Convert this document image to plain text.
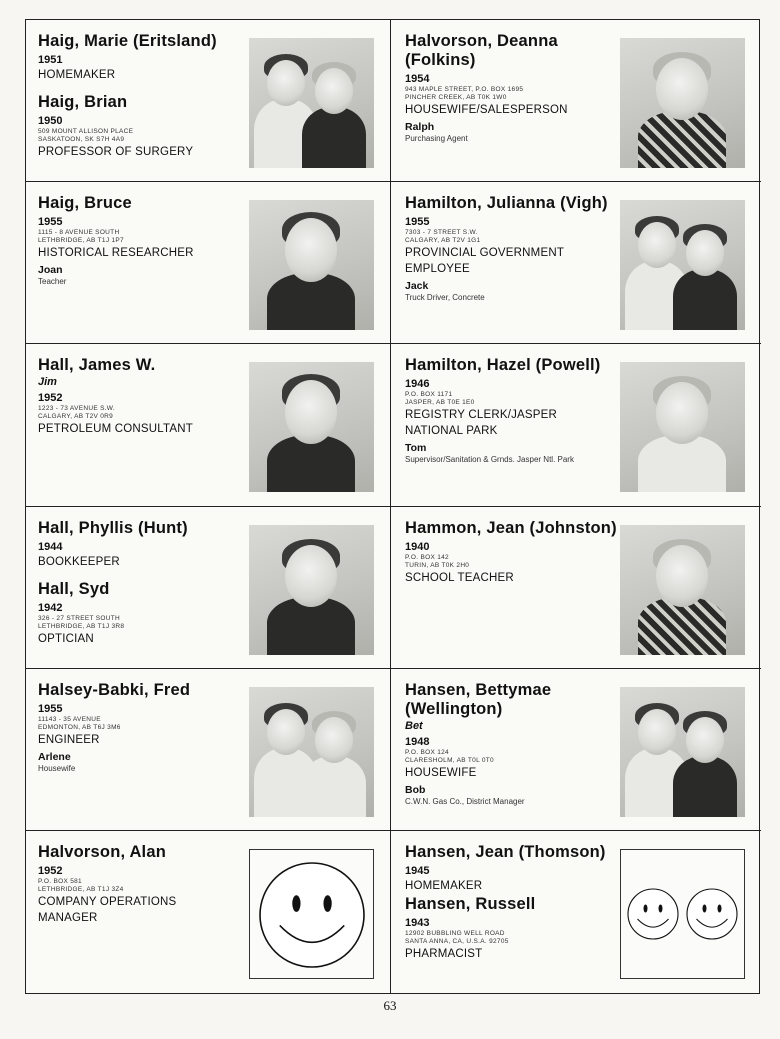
Haig, Marie (Eritsland)
1951
HOMEMAKER
Haig, Brian
1950
509 MOUNT ALLISON PLACE
SASKATOON, SK S7H 4A9
PROFESSOR OF SURGERY
Halvorson, Deanna (Folkins)
1954
943 MAPLE STREET, P.O. BOX 1695
PINCHER CREEK, AB T0K 1W0
HOUSEWIFE/SALESPERSON
Ralph
Purchasing Agent
Haig, Bruce
1955
1115 - 8 AVENUE SOUTH
LETHBRIDGE, AB T1J 1P7
HISTORICAL RESEARCHER
Joan
Teacher
Hamilton, Julianna (Vigh)
1955
7303 - 7 STREET S.W.
CALGARY, AB T2V 1G1
PROVINCIAL GOVERNMENT
EMPLOYEE
Jack
Truck Driver, Concrete
Hall, James W.
Jim
1952
1223 - 73 AVENUE S.W.
CALGARY, AB T2V 0R9
PETROLEUM CONSULTANT
Hamilton, Hazel (Powell)
1946
P.O. BOX 1171
JASPER, AB T0E 1E0
REGISTRY CLERK/JASPER
NATIONAL PARK
Tom
Supervisor/Sanitation & Grnds. Jasper Ntl. Park
Hall, Phyllis (Hunt)
1944
BOOKKEEPER
Hall, Syd
1942
326 - 27 STREET SOUTH
LETHBRIDGE, AB T1J 3R8
OPTICIAN
Hammon, Jean (Johnston)
1940
P.O. BOX 142
TURIN, AB T0K 2H0
SCHOOL TEACHER
Halsey-Babki, Fred
1955
11143 - 35 AVENUE
EDMONTON, AB T6J 3M6
ENGINEER
Arlene
Housewife
Hansen, Bettymae (Wellington)
Bet
1948
P.O. BOX 124
CLARESHOLM, AB T0L 0T0
HOUSEWIFE
Bob
C.W.N. Gas Co., District Manager
Halvorson, Alan
1952
P.O. BOX 581
LETHBRIDGE, AB T1J 3Z4
COMPANY OPERATIONS
MANAGER
Hansen, Jean (Thomson)
1945
HOMEMAKER
Hansen, Russell
1943
12902 BUBBLING WELL ROAD
SANTA ANNA, CA, U.S.A. 92705
PHARMACIST
63
